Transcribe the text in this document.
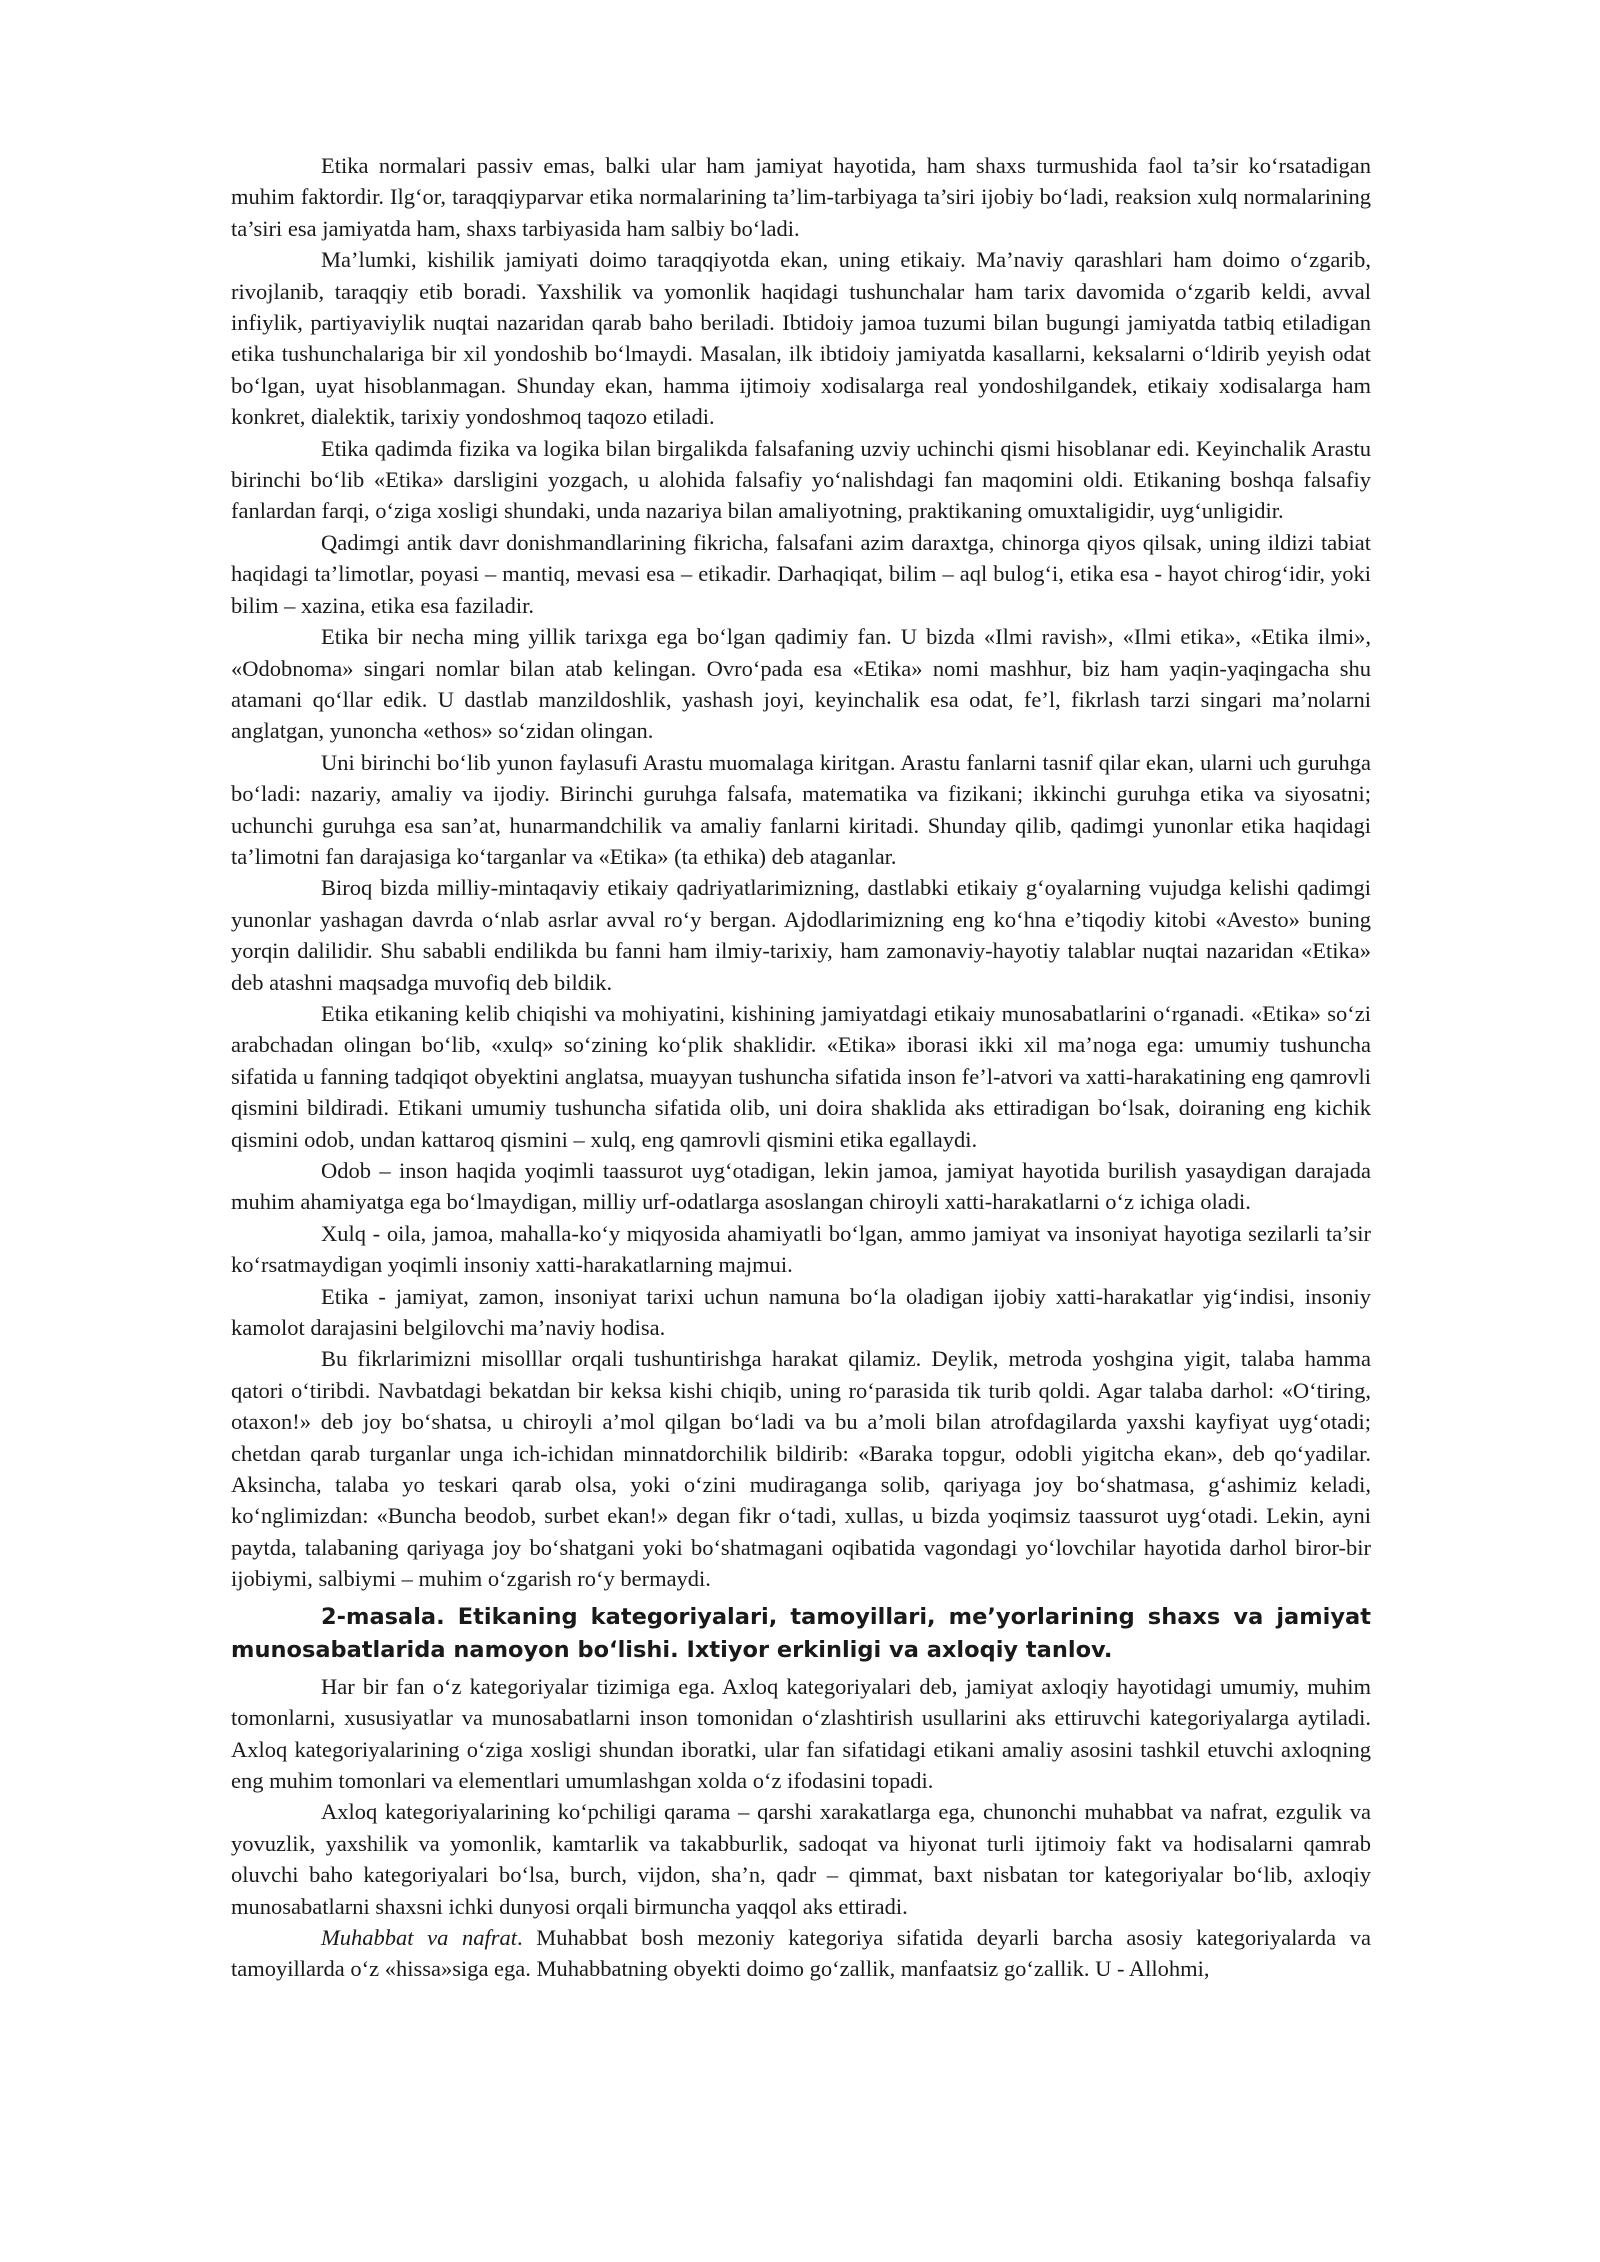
Etika normalari passiv emas, balki ular ham jamiyat hayotida, ham shaxs turmushida faol ta’sir ko‘rsatadigan muhim faktordir. Ilg‘or, taraqqiyparvar etika normalarining ta’lim-tarbiyaga ta’siri ijobiy bo‘ladi, reaksion xulq normalarining ta’siri esa jamiyatda ham, shaxs tarbiyasida ham salbiy bo‘ladi.

Ma’lumki, kishilik jamiyati doimo taraqqiyotda ekan, uning etikaiy. Ma’naviy qarashlari ham doimo o‘zgarib, rivojlanib, taraqqiy etib boradi. Yaxshilik va yomonlik haqidagi tushunchalar ham tarix davomida o‘zgarib keldi, avval infiylik, partiyaviylik nuqtai nazaridan qarab baho beriladi. Ibtidoiy jamoa tuzumi bilan bugungi jamiyatda tatbiq etiladigan etika tushunchalariga bir xil yondoshib bo‘lmaydi. Masalan, ilk ibtidoiy jamiyatda kasallarni, keksalarni o‘ldirib yeyish odat bo‘lgan, uyat hisoblanmagan. Shunday ekan, hamma ijtimoiy xodisalarga real yondoshilgandek, etikaiy xodisalarga ham konkret, dialektik, tarixiy yondoshmoq taqozo etiladi.

Etika qadimda fizika va logika bilan birgalikda falsafaning uzviy uchinchi qismi hisoblanar edi. Keyinchalik Arastu birinchi bo‘lib «Etika» darsligini yozgach, u alohida falsafiy yo‘nalishdagi fan maqomini oldi. Etikaning boshqa falsafiy fanlardan farqi, o‘ziga xosligi shundaki, unda nazariya bilan amaliyotning, praktikaning omuxtaligidir, uyg‘unligidir.

Qadimgi antik davr donishmandlarining fikricha, falsafani azim daraxtga, chinorga qiyos qilsak, uning ildizi tabiat haqidagi ta’limotlar, poyasi – mantiq, mevasi esa – etikadir. Darhaqiqat, bilim – aql bulog‘i, etika esa - hayot chirog‘idir, yoki bilim – xazina, etika esa faziladir.

Etika bir necha ming yillik tarixga ega bo‘lgan qadimiy fan. U bizda «Ilmi ravish», «Ilmi etika», «Etika ilmi», «Odobnoma» singari nomlar bilan atab kelingan. Ovro‘pada esa «Etika» nomi mashhur, biz ham yaqin-yaqingacha shu atamani qo‘llar edik. U dastlab manzildoshlik, yashash joyi, keyinchalik esa odat, fe’l, fikrlash tarzi singari ma’nolarni anglatgan, yunoncha «ethos» so‘zidan olingan.

Uni birinchi bo‘lib yunon faylasufi Arastu muomalaga kiritgan. Arastu fanlarni tasnif qilar ekan, ularni uch guruhga bo‘ladi: nazariy, amaliy va ijodiy. Birinchi guruhga falsafa, matematika va fizikani; ikkinchi guruhga etika va siyosatni; uchunchi guruhga esa san’at, hunarmandchilik va amaliy fanlarni kiritadi. Shunday qilib, qadimgi yunonlar etika haqidagi ta’limotni fan darajasiga ko‘targanlar va «Etika» (ta ethika) deb ataganlar.

Biroq bizda milliy-mintaqaviy etikaiy qadriyatlarimizning, dastlabki etikaiy g‘oyalarning vujudga kelishi qadimgi yunonlar yashagan davrda o‘nlab asrlar avval ro‘y bergan. Ajdodlarimizning eng ko‘hna e’tiqodiy kitobi «Avesto» buning yorqin dalilidir. Shu sababli endilikda bu fanni ham ilmiy-tarixiy, ham zamonaviy-hayotiy talablar nuqtai nazaridan «Etika» deb atashni maqsadga muvofiq deb bildik.

Etika etikaning kelib chiqishi va mohiyatini, kishining jamiyatdagi etikaiy munosabatlarini o‘rganadi. «Etika» so‘zi arabchadan olingan bo‘lib, «xulq» so‘zining ko‘plik shaklidir. «Etika» iborasi ikki xil ma’noga ega: umumiy tushuncha sifatida u fanning tadqiqot obyektini anglatsa, muayyan tushuncha sifatida inson fe’l-atvori va xatti-harakatining eng qamrovli qismini bildiradi. Etikani umumiy tushuncha sifatida olib, uni doira shaklida aks ettiradigan bo‘lsak, doiraning eng kichik qismini odob, undan kattaroq qismini – xulq, eng qamrovli qismini etika egallaydi.

Odob – inson haqida yoqimli taassurot uyg‘otadigan, lekin jamoa, jamiyat hayotida burilish yasaydigan darajada muhim ahamiyatga ega bo‘lmaydigan, milliy urf-odatlarga asoslangan chiroyli xatti-harakatlarni o‘z ichiga oladi.

Xulq - oila, jamoa, mahalla-ko‘y miqyosida ahamiyatli bo‘lgan, ammo jamiyat va insoniyat hayotiga sezilarli ta’sir ko‘rsatmaydigan yoqimli insoniy xatti-harakatlarning majmui.

Etika - jamiyat, zamon, insoniyat tarixi uchun namuna bo‘la oladigan ijobiy xatti-harakatlar yig‘indisi, insoniy kamolot darajasini belgilovchi ma’naviy hodisa.

Bu fikrlarimizni misolllar orqali tushuntirishga harakat qilamiz. Deylik, metroda yoshgina yigit, talaba hamma qatori o‘tiribdi. Navbatdagi bekatdan bir keksa kishi chiqib, uning ro‘parasida tik turib qoldi. Agar talaba darhol: «O‘tiring, otaxon!» deb joy bo‘shatsa, u chiroyli a’mol qilgan bo‘ladi va bu a’moli bilan atrofdagilarda yaxshi kayfiyat uyg‘otadi; chetdan qarab turganlar unga ich-ichidan minnatdorchilik bildirib: «Baraka topgur, odobli yigitcha ekan», deb qo‘yadilar. Aksincha, talaba yo teskari qarab olsa, yoki o‘zini mudiraganga solib, qariyaga joy bo‘shatmasa, g‘ashimiz keladi, ko‘nglimizdan: «Buncha beodob, surbet ekan!» degan fikr o‘tadi, xullas, u bizda yoqimsiz taassurot uyg‘otadi. Lekin, ayni paytda, talabaning qariyaga joy bo‘shatgani yoki bo‘shatmagani oqibatida vagondagi yo‘lovchilar hayotida darhol biror-bir ijobiymi, salbiymi – muhim o‘zgarish ro‘y bermaydi.

2-masala. Etikaning kategoriyalari, tamoyillari, me’yorlarining shaxs va jamiyat munosabatlarida namoyon bo‘lishi. Ixtiyor erkinligi va axloqiy tanlov.

Har bir fan o‘z kategoriyalar tizimiga ega. Axloq kategoriyalari deb, jamiyat axloqiy hayotidagi umumiy, muhim tomonlarni, xususiyatlar va munosabatlarni inson tomonidan o‘zlashtirish usullarini aks ettiruvchi kategoriyalarga aytiladi. Axloq kategoriyalarining o‘ziga xosligi shundan iboratki, ular fan sifatidagi etikani amaliy asosini tashkil etuvchi axloqning eng muhim tomonlari va elementlari umumlashgan xolda o‘z ifodasini topadi.

Axloq kategoriyalarining ko‘pchiligi qarama – qarshi xarakatlarga ega, chunonchi muhabbat va nafrat, ezgulik va yovuzlik, yaxshilik va yomonlik, kamtarlik va takabburlik, sadoqat va hiyonat turli ijtimoiy fakt va hodisalarni qamrab oluvchi baho kategoriyalari bo‘lsa, burch, vijdon, sha’n, qadr – qimmat, baxt nisbatan tor kategoriyalar bo‘lib, axloqiy munosabatlarni shaxsni ichki dunyosi orqali birmuncha yaqqol aks ettiradi.

Muhabbat va nafrat. Muhabbat bosh mezoniy kategoriya sifatida deyarli barcha asosiy kategoriyalarda va tamoyillarda o‘z «hissa»siga ega. Muhabbatning obyekti doimo go‘zallik, manfaatsiz go‘zallik. U - Allohmi,
